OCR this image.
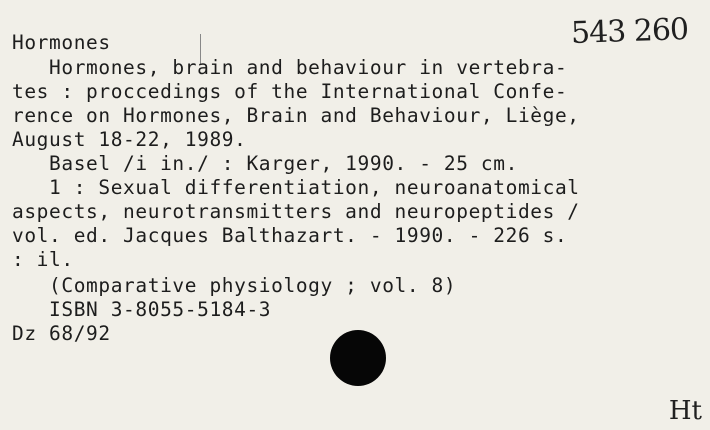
543 260
Hormones
Hormones, brain and behaviour in vertebra-
tes : proccedings of the International Confe-
rence on Hormones, Brain and Behaviour, Liège,
August 18-22, 1989.
Basel /i in./ : Karger, 1990. - 25 cm.
1 : Sexual differentiation, neuroanatomical
aspects, neurotransmitters and neuropeptides /
vol. ed. Jacques Balthazart. - 1990. - 226 s.
: il.
(Comparative physiology ; vol. 8)
ISBN 3-8055-5184-3
Dz 68/92
Ht
